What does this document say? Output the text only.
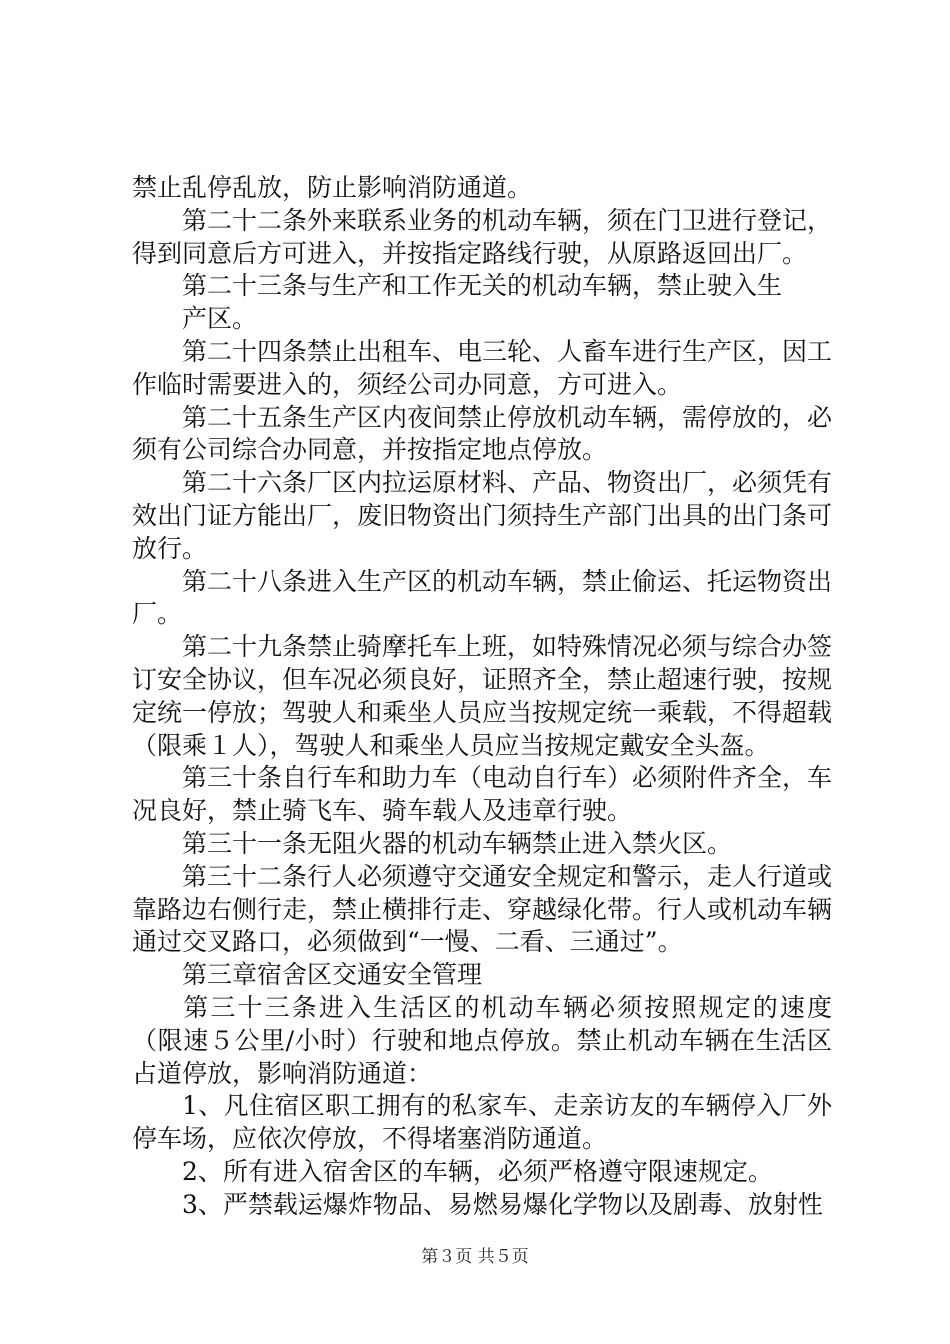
禁止乱停乱放，防止影响消防通道。

第二十二条外来联系业务的机动车辆，须在门卫进行登记，得到同意后方可进入，并按指定路线行驶，从原路返回出厂。

第二十三条与生产和工作无关的机动车辆，禁止驶入生

产区。

第二十四条禁止出租车、电三轮、人畜车进行生产区，因工作临时需要进入的，须经公司办同意，方可进入。

第二十五条生产区内夜间禁止停放机动车辆，需停放的，必须有公司综合办同意，并按指定地点停放。

第二十六条厂区内拉运原材料、产品、物资出厂，必须凭有效出门证方能出厂，废旧物资出门须持生产部门出具的出门条可放行。

第二十八条进入生产区的机动车辆，禁止偷运、托运物资出厂。

第二十九条禁止骑摩托车上班，如特殊情况必须与综合办签订安全协议，但车况必须良好，证照齐全，禁止超速行驶，按规定统一停放；驾驶人和乘坐人员应当按规定统一乘载，不得超载（限乘１人），驾驶人和乘坐人员应当按规定戴安全头盔。

第三十条自行车和助力车（电动自行车）必须附件齐全，车况良好，禁止骑飞车、骑车载人及违章行驶。

第三十一条无阻火器的机动车辆禁止进入禁火区。

第三十二条行人必须遵守交通安全规定和警示，走人行道或靠路边右侧行走，禁止横排行走、穿越绿化带。行人或机动车辆通过交叉路口，必须做到“一慢、二看、三通过”。

第三章宿舍区交通安全管理

第三十三条进入生活区的机动车辆必须按照规定的速度（限速５公里/小时）行驶和地点停放。禁止机动车辆在生活区占道停放，影响消防通道：

1、凡住宿区职工拥有的私家车、走亲访友的车辆停入厂外停车场，应依次停放，不得堵塞消防通道。

2、所有进入宿舍区的车辆，必须严格遵守限速规定。

3、严禁载运爆炸物品、易燃易爆化学物以及剧毒、放射性

第３页 共５页
